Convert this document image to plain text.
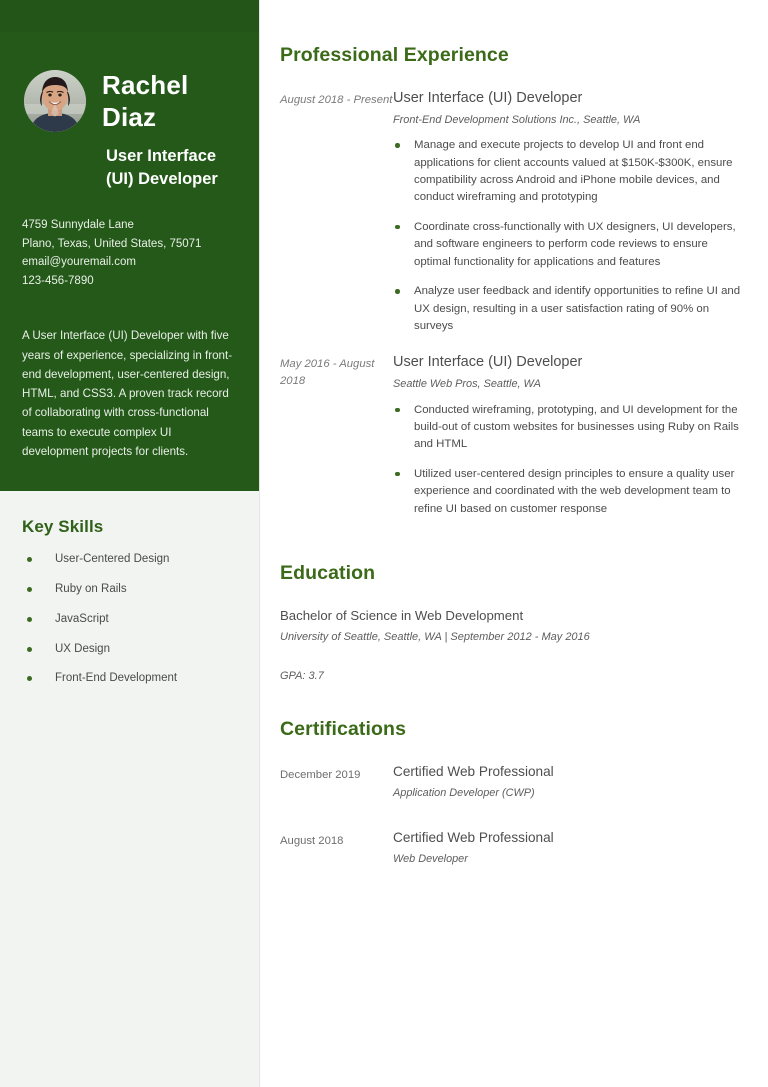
Rachel
Diaz
User Interface (UI) Developer
4759 Sunnydale Lane
Plano, Texas, United States, 75071
email@youremail.com
123-456-7890
A User Interface (UI) Developer with five years of experience, specializing in front-end development, user-centered design, HTML, and CSS3. A proven track record of collaborating with cross-functional teams to execute complex UI development projects for clients.
Key Skills
User-Centered Design
Ruby on Rails
JavaScript
UX Design
Front-End Development
Professional Experience
August 2018 - Present User Interface (UI) Developer
Front-End Development Solutions Inc., Seattle, WA
Manage and execute projects to develop UI and front end applications for client accounts valued at $150K-$300K, ensure compatibility across Android and iPhone mobile devices, and conduct wireframing and prototyping
Coordinate cross-functionally with UX designers, UI developers, and software engineers to perform code reviews to ensure optimal functionality for applications and features
Analyze user feedback and identify opportunities to refine UI and UX design, resulting in a user satisfaction rating of 90% on surveys
May 2016 - August 2018
User Interface (UI) Developer
Seattle Web Pros, Seattle, WA
Conducted wireframing, prototyping, and UI development for the build-out of custom websites for businesses using Ruby on Rails and HTML
Utilized user-centered design principles to ensure a quality user experience and coordinated with the web development team to refine UI based on customer response
Education
Bachelor of Science in Web Development
University of Seattle, Seattle, WA | September 2012 - May 2016
GPA: 3.7
Certifications
December 2019	Certified Web Professional
Application Developer (CWP)
August 2018	Certified Web Professional
Web Developer
